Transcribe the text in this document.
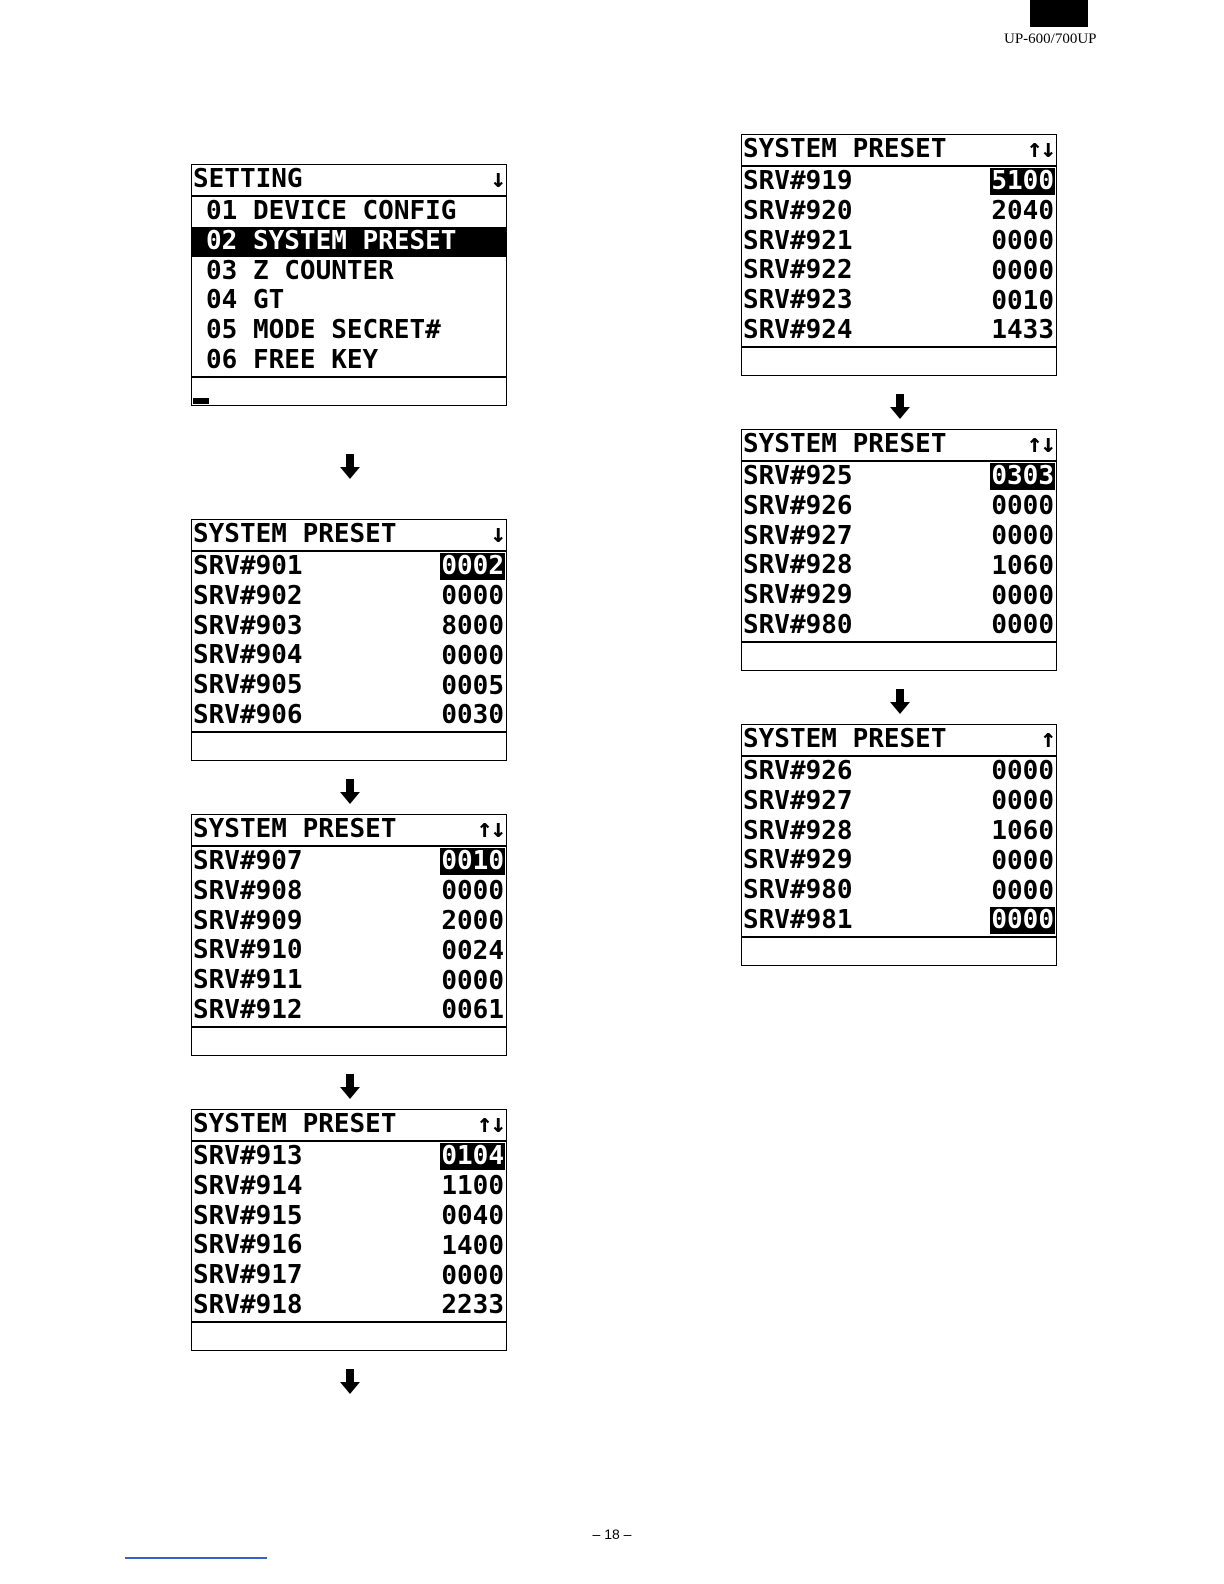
UP-600/700UP
SETTING	↓
01 DEVICE CONFIG
02 SYSTEM PRESET
03 Z COUNTER
04 GT
05 MODE SECRET#
06 FREE KEY
SYSTEM PRESET	↓
SRV#901	0002
SRV#902	0000
SRV#903	8000
SRV#904	0000
SRV#905	0005
SRV#906	0030
SYSTEM PRESET	↑↓
SRV#907	0010
SRV#908	0000
SRV#909	2000
SRV#910	0024
SRV#911	0000
SRV#912	0061
SYSTEM PRESET	↑↓
SRV#913	0104
SRV#914	1100
SRV#915	0040
SRV#916	1400
SRV#917	0000
SRV#918	2233
SYSTEM PRESET	↑↓
SRV#919	5100
SRV#920	2040
SRV#921	0000
SRV#922	0000
SRV#923	0010
SRV#924	1433
SYSTEM PRESET	↑↓
SRV#925	0303
SRV#926	0000
SRV#927	0000
SRV#928	1060
SRV#929	0000
SRV#980	0000
SYSTEM PRESET	↑
SRV#926	0000
SRV#927	0000
SRV#928	1060
SRV#929	0000
SRV#980	0000
SRV#981	0000
– 18 –
